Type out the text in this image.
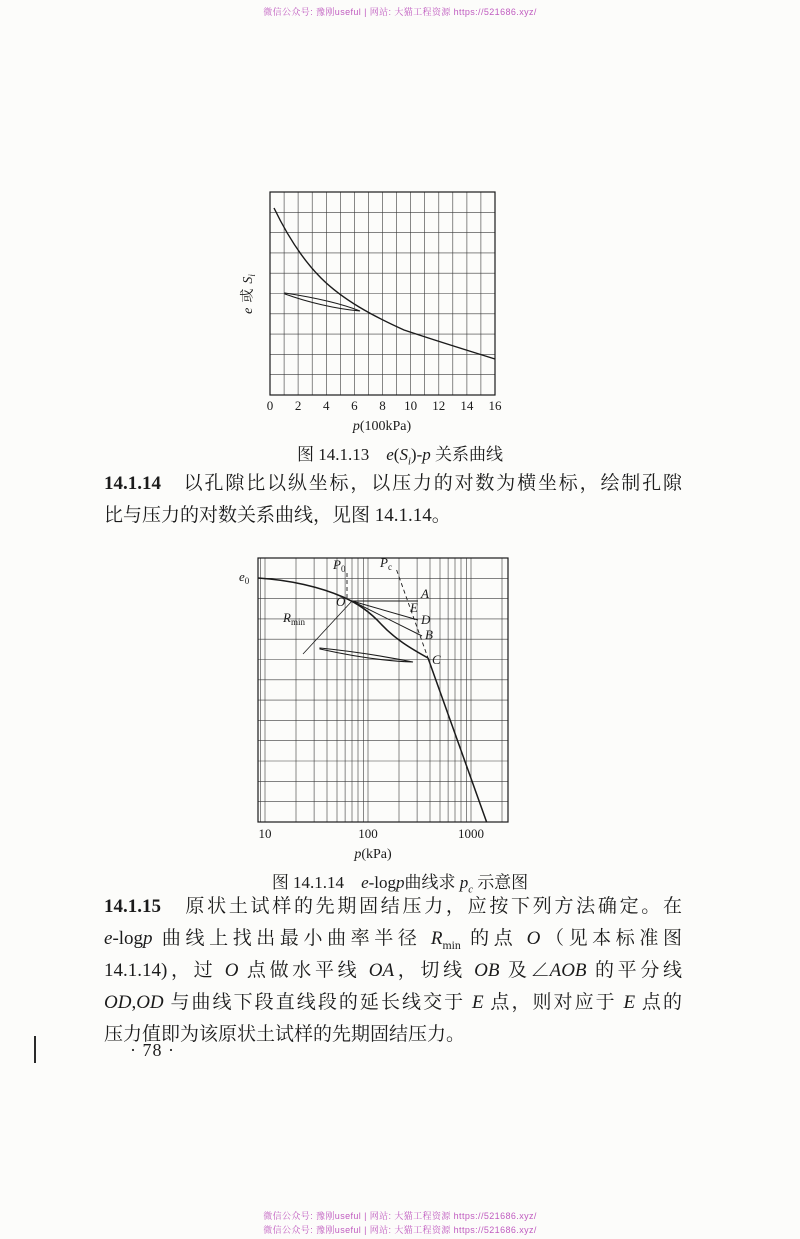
微信公众号: 豫刚useful | 网站: 大猫工程资源 https://521686.xyz/
0 2 4 6 8 10 12 14 16
p(100kPa)
e或$S_i$
图 14.1.13　$e(S_i)-p$ 关系曲线
14.1.14　以孔隙比以纵坐标，以压力的对数为横坐标，绘制孔隙
比与压力的对数关系曲线，见图 14.1.14。
$e_0$
$P_0$	$P_c$
O
A
E
D
B
C
$R_{min}$
10	100	1000
p(kPa)
图 14.1.14　e-logp曲线求 $p_c$ 示意图
14.1.15　原状土试样的先期固结压力，应按下列方法确定。在
e-logp 曲线上找出最小曲率半径 $R_{min}$ 的点 O（见本标准图
14.1.14)，过 O 点做水平线 OA，切线 OB 及∠AOB 的平分线
OD,OD 与曲线下段直线段的延长线交于 E 点，则对应于 E 点的
压力值即为该原状土试样的先期固结压力。
· 78 ·
微信公众号: 豫刚useful | 网站: 大猫工程资源 https://521686.xyz/
微信公众号: 豫刚useful | 网站: 大猫工程资源 https://521686.xyz/
